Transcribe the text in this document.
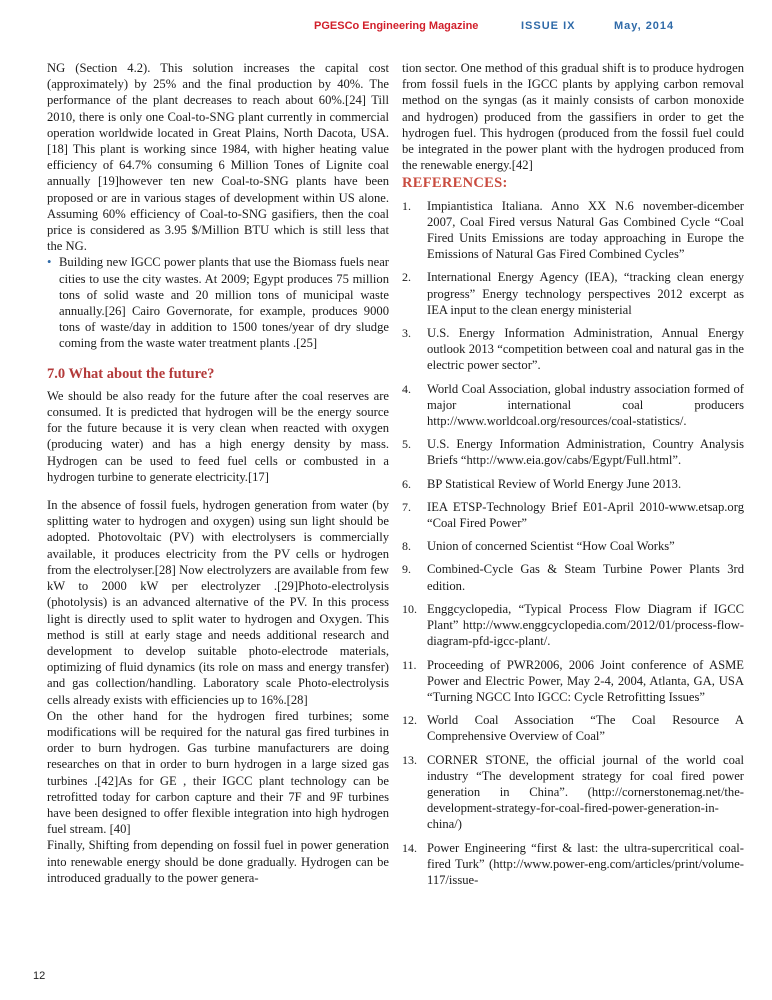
PGESCo Engineering Magazine	ISSUE IX	May, 2014

NG (Section 4.2). This solution increases the capital cost (approximately) by 25% and the final production by 40%. The performance of the plant decreases to reach about 60%.[24] Till 2010, there is only one Coal-to-SNG plant currently in commercial operation worldwide located in Great Plains, North Dacota, USA.[18] This plant is working since 1984, with higher heating value efficiency of 64.7% consuming 6 Million Tones of Lignite coal annually [19]however ten new Coal-to-SNG plants have been proposed or are in various stages of development within US alone. Assuming 60% efficiency of Coal-to-SNG gasifiers, then the coal price is considered as 3.95 $/Million BTU which is still less that the NG.

• Building new IGCC power plants that use the Biomass fuels near cities to use the city wastes. At 2009; Egypt produces 75 million tons of solid waste and 20 million tons of municipal waste annually.[26] Cairo Governorate, for example, produces 9000 tons of waste/day in addition to 1500 tones/year of dry sludge coming from the waste water treatment plants .[25]
7.0 What about the future?

We should be also ready for the future after the coal reserves are consumed. It is predicted that hydrogen will be the energy source for the future because it is very clean when reacted with oxygen (producing water) and has a high energy density by mass. Hydrogen can be used to feed fuel cells or combusted in a hydrogen turbine to generate electricity.[17]

In the absence of fossil fuels, hydrogen generation from water (by splitting water to hydrogen and oxygen) using sun light should be adopted. Photovoltaic (PV) with electrolysers is commercially available, it produces electricity from the PV cells or hydrogen from the electrolyser.[28] Now electrolyzers are available from few kW to 2000 kW per electrolyzer .[29]Photo-electrolysis (photolysis) is an advanced alternative of the PV. In this process light is directly used to split water to hydrogen and Oxygen. This method is still at early stage and needs additional research and development to develop suitable photo-electrode materials, optimizing of fluid dynamics (its role on mass and energy transfer) and gas collection/handling. Laboratory scale Photo-electrolysis cells already exists with efficiencies up to 16%.[28]

On the other hand for the hydrogen fired turbines; some modifications will be required for the natural gas fired turbines in order to burn hydrogen. Gas turbine manufacturers are doing researches on that in order to burn hydrogen in a large sized gas turbines .[42]As for GE , their IGCC plant technology can be retrofitted today for carbon capture and their 7F and 9F turbines have been designed to offer flexible integration into high hydrogen fuel stream. [40]

Finally, Shifting from depending on fossil fuel in power generation into renewable energy should be done gradually. Hydrogen can be introduced gradually to the power genera-

tion sector. One method of this gradual shift is to produce hydrogen from fossil fuels in the IGCC plants by applying carbon removal method on the syngas (as it mainly consists of carbon monoxide and hydrogen) produced from the gassifiers in order to get the hydrogen fuel. This hydrogen (produced from the fossil fuel could be integrated in the power plant with the hydrogen produced from the renewable energy.[42]

REFERENCES:
1. Impiantistica Italiana. Anno XX N.6 november-dicember 2007, Coal Fired versus Natural Gas Combined Cycle “Coal Fired Units Emissions are today approaching in Europe the Emissions of Natural Gas Fired Combined Cycles”
2. International Energy Agency (IEA), “tracking clean energy progress” Energy technology perspectives 2012 excerpt as IEA input to the clean energy ministerial
3. U.S. Energy Information Administration, Annual Energy outlook 2013 “competition between coal and natural gas in the electric power sector”.
4. World Coal Association, global industry association formed of major international coal producers http://www.worldcoal.org/resources/coal-statistics/.
5. U.S. Energy Information Administration, Country Analysis Briefs “http://www.eia.gov/cabs/Egypt/Full.html”.
6. BP Statistical Review of World Energy June 2013.
7. IEA ETSP-Technology Brief E01-April 2010-www.etsap.org “Coal Fired Power”
8. Union of concerned Scientist “How Coal Works”
9. Combined-Cycle Gas & Steam Turbine Power Plants 3rd edition.
10. Enggcyclopedia, “Typical Process Flow Diagram if IGCC Plant” http://www.enggcyclopedia.com/2012/01/process-flow-diagram-pfd-igcc-plant/.
11. Proceeding of PWR2006, 2006 Joint conference of ASME Power and Electric Power, May 2-4, 2004, Atlanta, GA, USA “Turning NGCC Into IGCC: Cycle Retrofitting Issues”
12. World Coal Association “The Coal Resource A Comprehensive Overview of Coal”
13. CORNER STONE, the official journal of the world coal industry “The development strategy for coal fired power generation in China”. (http://cornerstonemag.net/the-development-strategy-for-coal-fired-power-generation-in-china/)
14. Power Engineering “first & last: the ultra-supercritical coal-fired Turk” (http://www.power-eng.com/articles/print/volume-117/issue-
12
